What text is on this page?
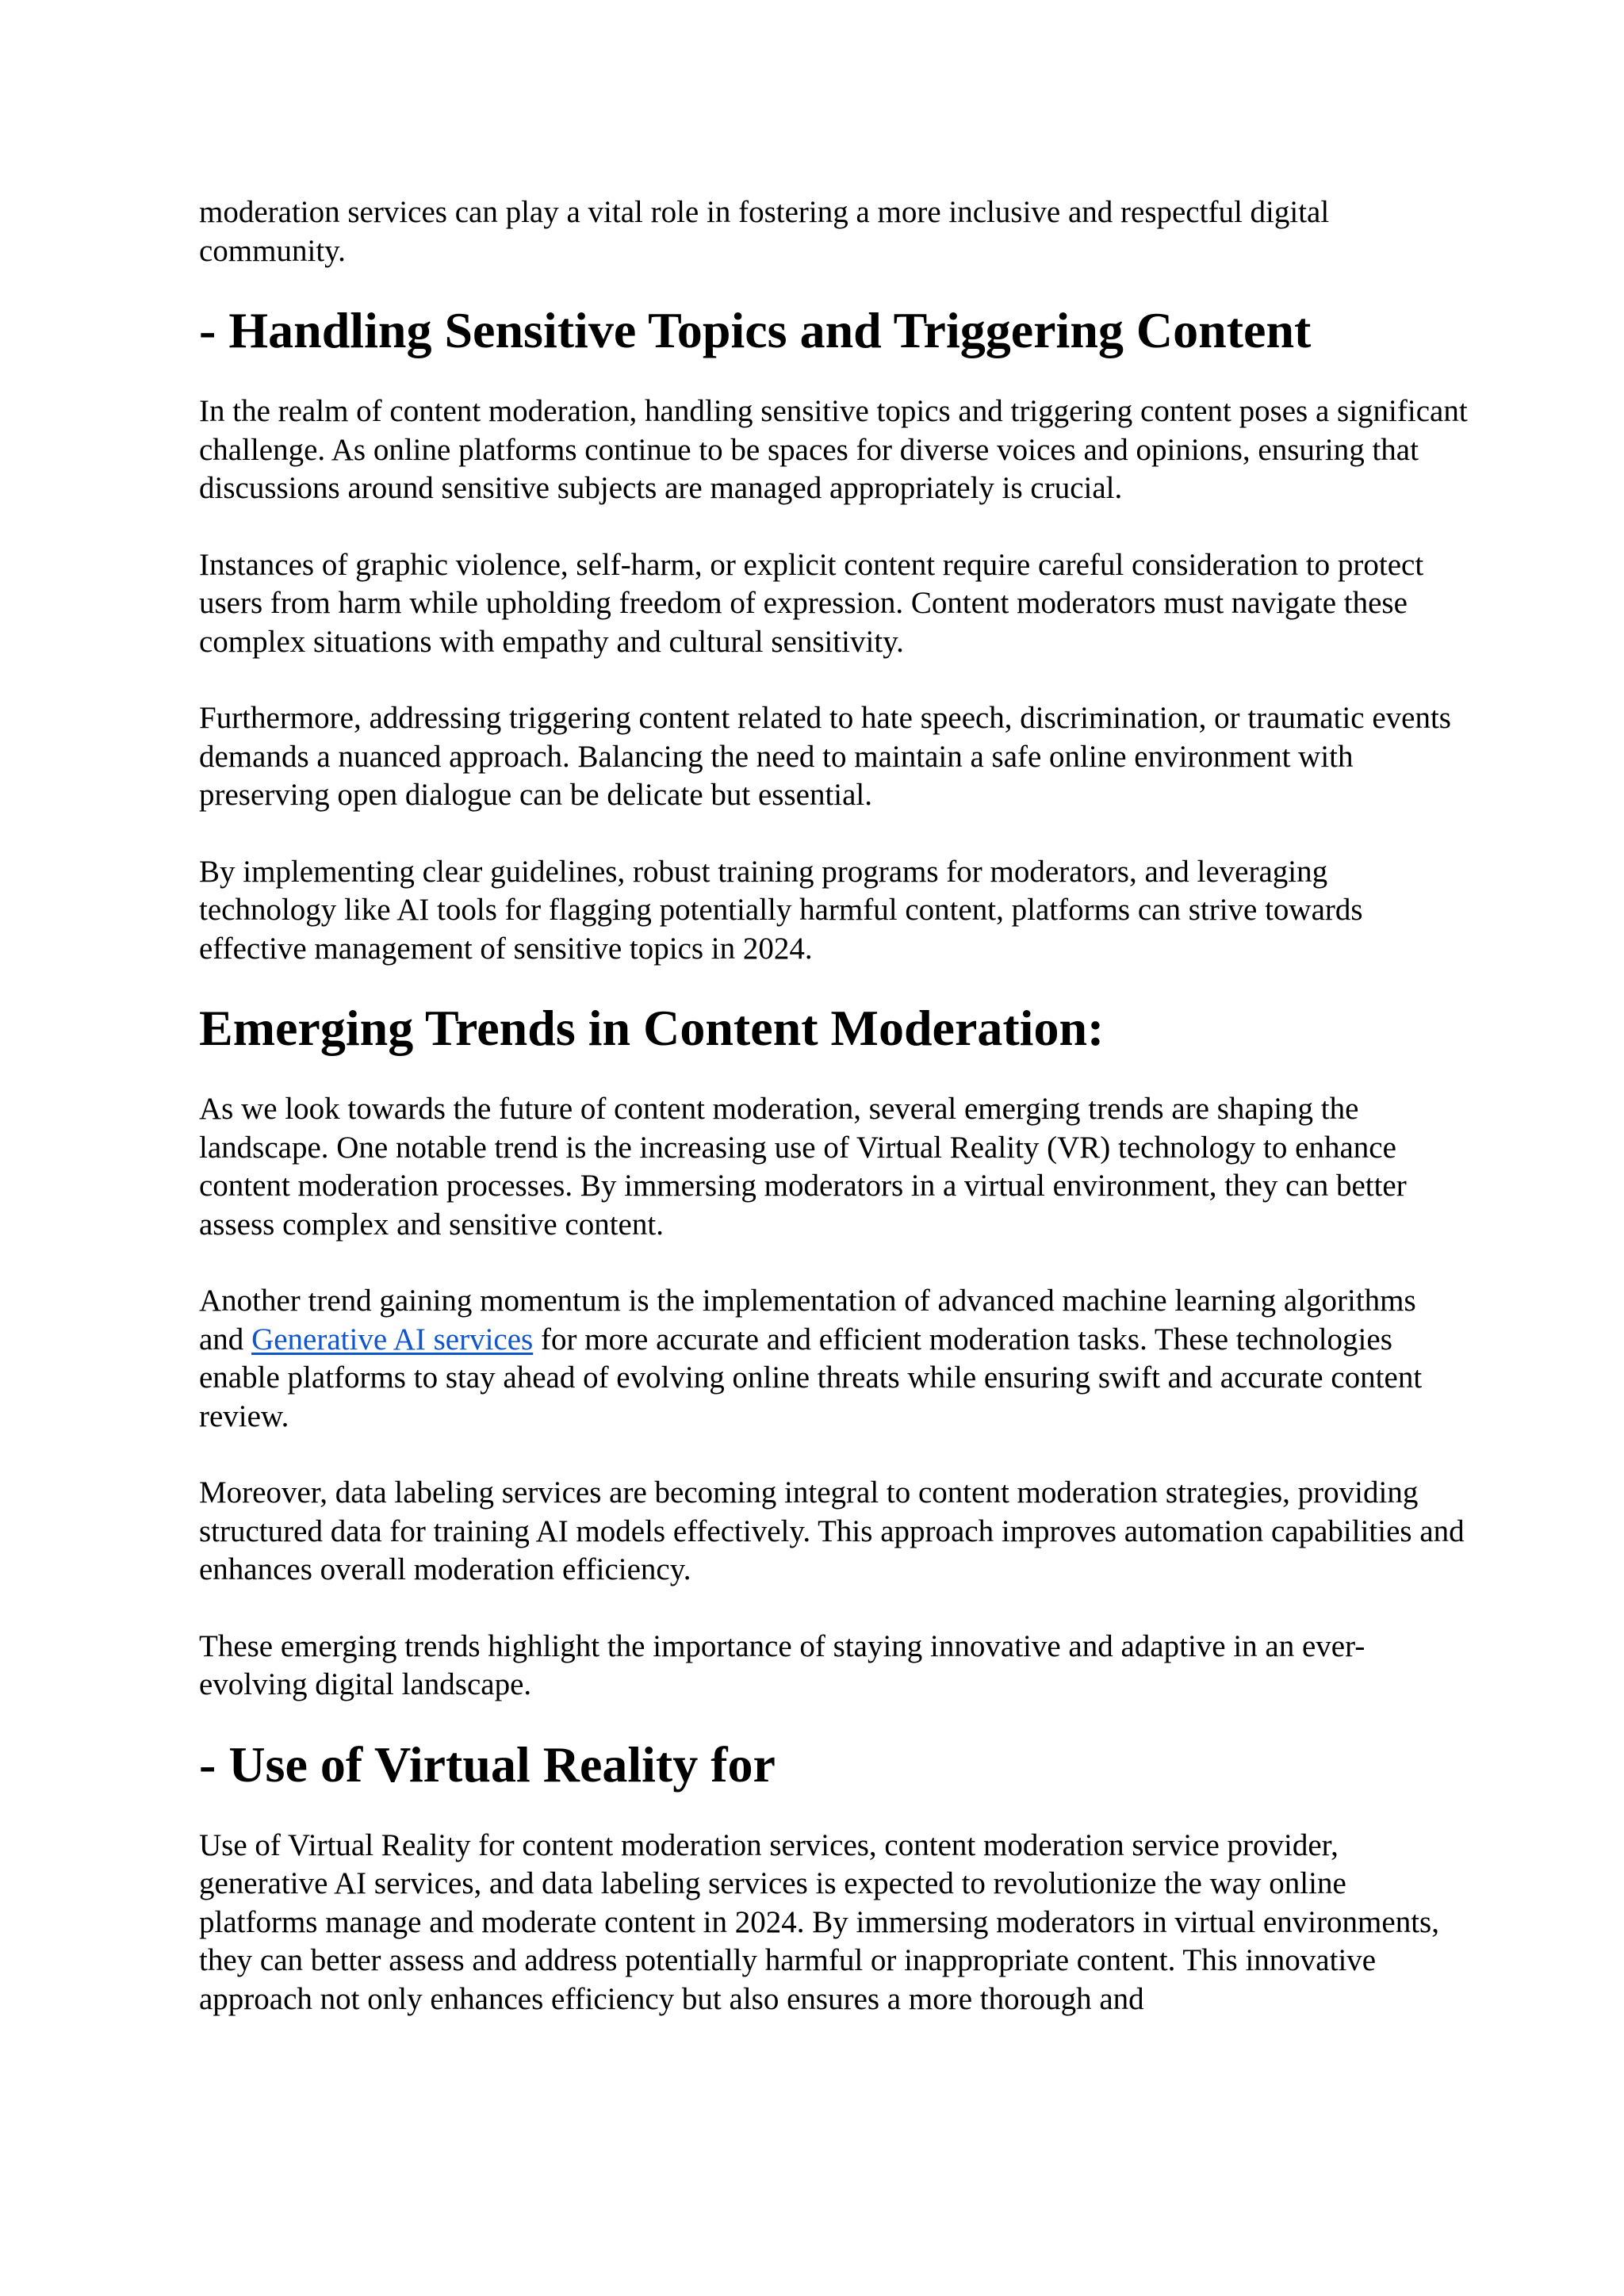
moderation services can play a vital role in fostering a more inclusive and respectful digital community.

- Handling Sensitive Topics and Triggering Content

In the realm of content moderation, handling sensitive topics and triggering content poses a significant challenge. As online platforms continue to be spaces for diverse voices and opinions, ensuring that discussions around sensitive subjects are managed appropriately is crucial.

Instances of graphic violence, self-harm, or explicit content require careful consideration to protect users from harm while upholding freedom of expression. Content moderators must navigate these complex situations with empathy and cultural sensitivity.

Furthermore, addressing triggering content related to hate speech, discrimination, or traumatic events demands a nuanced approach. Balancing the need to maintain a safe online environment with preserving open dialogue can be delicate but essential.

By implementing clear guidelines, robust training programs for moderators, and leveraging technology like AI tools for flagging potentially harmful content, platforms can strive towards effective management of sensitive topics in 2024.

Emerging Trends in Content Moderation:

As we look towards the future of content moderation, several emerging trends are shaping the landscape. One notable trend is the increasing use of Virtual Reality (VR) technology to enhance content moderation processes. By immersing moderators in a virtual environment, they can better assess complex and sensitive content.

Another trend gaining momentum is the implementation of advanced machine learning algorithms and Generative AI services for more accurate and efficient moderation tasks. These technologies enable platforms to stay ahead of evolving online threats while ensuring swift and accurate content review.

Moreover, data labeling services are becoming integral to content moderation strategies, providing structured data for training AI models effectively. This approach improves automation capabilities and enhances overall moderation efficiency.

These emerging trends highlight the importance of staying innovative and adaptive in an ever-evolving digital landscape.

- Use of Virtual Reality for

Use of Virtual Reality for content moderation services, content moderation service provider, generative AI services, and data labeling services is expected to revolutionize the way online platforms manage and moderate content in 2024. By immersing moderators in virtual environments, they can better assess and address potentially harmful or inappropriate content. This innovative approach not only enhances efficiency but also ensures a more thorough and
